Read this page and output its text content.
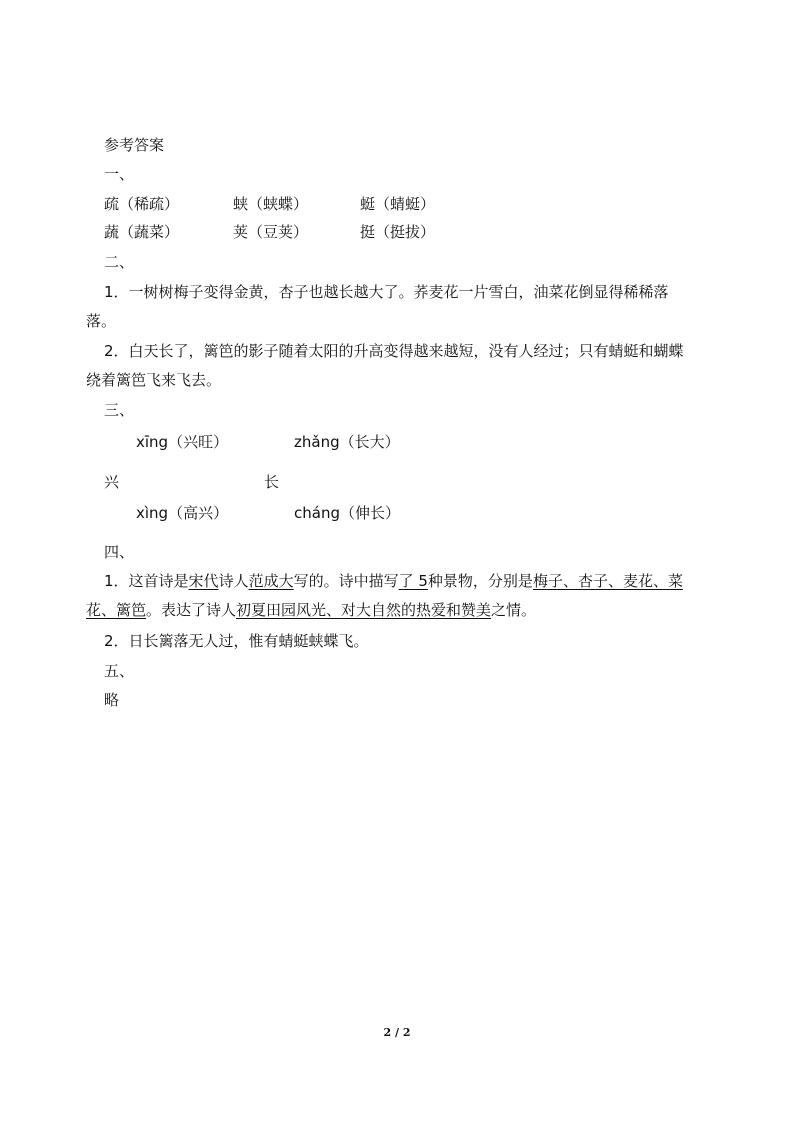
参考答案
一、
疏（稀疏）	蛱（蛱蝶）	蜓（蜻蜓）
蔬（蔬菜）	荚（豆荚）	挺（挺拔）
二、
1．一树树梅子变得金黄，杏子也越长越大了。荞麦花一片雪白，油菜花倒显得稀稀落
落。
2．白天长了，篱笆的影子随着太阳的升高变得越来越短，没有人经过；只有蜻蜓和蝴蝶
绕着篱笆飞来飞去。
三、
xīng（兴旺）	zhǎng（长大）
兴	长
xìng（高兴）	cháng（伸长）
四、
1．这首诗是宋代诗人范成大写的。诗中描写了 5种景物，分别是梅子、杏子、麦花、菜
花、篱笆。表达了诗人初夏田园风光、对大自然的热爱和赞美之情。
2．日长篱落无人过，惟有蜻蜓蛱蝶飞。
五、
略
2 / 2
